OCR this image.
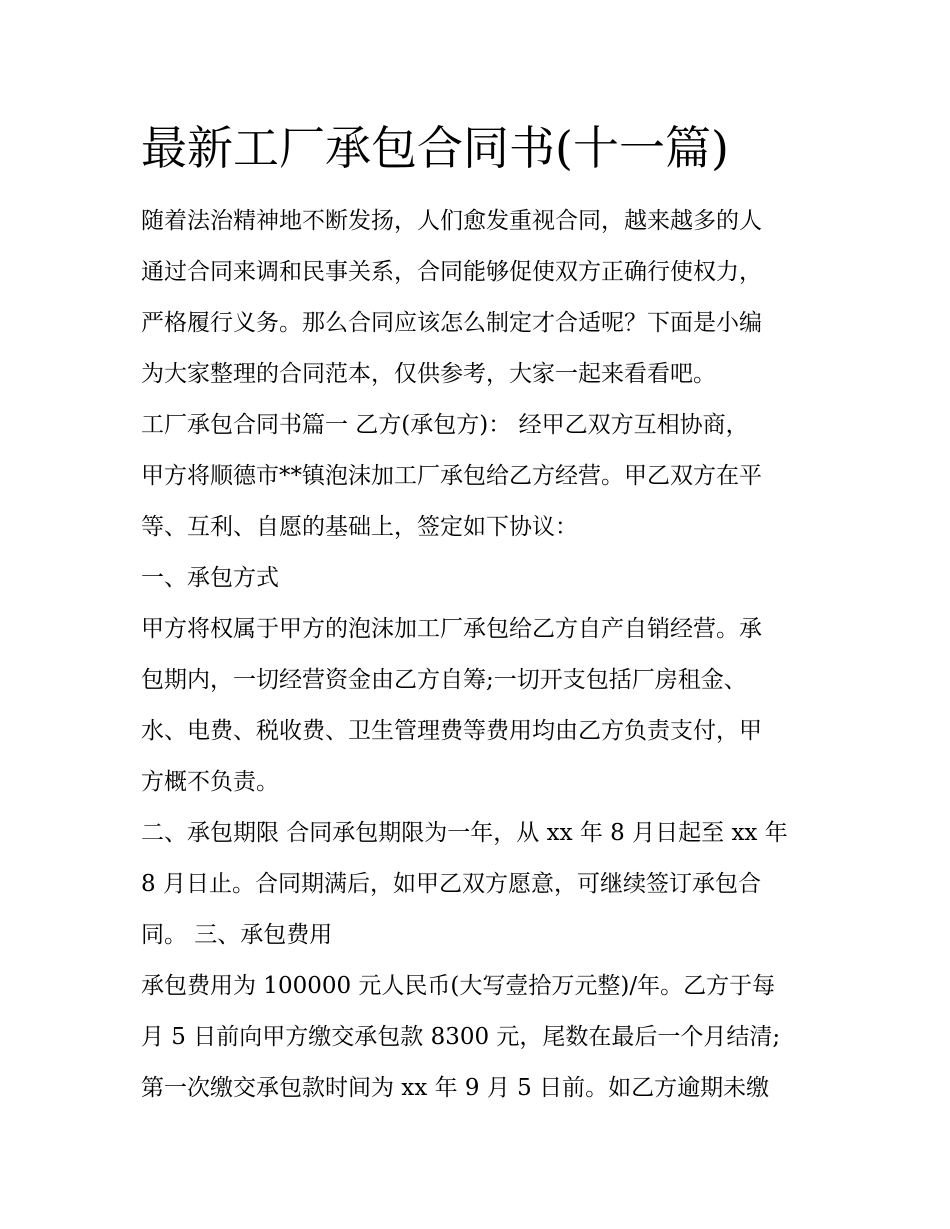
最新工厂承包合同书(十一篇)
随着法治精神地不断发扬，人们愈发重视合同，越来越多的人
通过合同来调和民事关系，合同能够促使双方正确行使权力，
严格履行义务。那么合同应该怎么制定才合适呢？下面是小编
为大家整理的合同范本，仅供参考，大家一起来看看吧。
工厂承包合同书篇一 乙方(承包方)： 经甲乙双方互相协商，
甲方将顺德市**镇泡沫加工厂承包给乙方经营。甲乙双方在平
等、互利、自愿的基础上，签定如下协议：
一、承包方式
甲方将权属于甲方的泡沫加工厂承包给乙方自产自销经营。承
包期内，一切经营资金由乙方自筹;一切开支包括厂房租金、
水、电费、税收费、卫生管理费等费用均由乙方负责支付，甲
方概不负责。
二、承包期限 合同承包期限为一年，从 xx 年 8 月日起至 xx 年
8 月日止。合同期满后，如甲乙双方愿意，可继续签订承包合
同。 三、承包费用
承包费用为 100000 元人民币(大写壹拾万元整)/年。乙方于每
月 5 日前向甲方缴交承包款 8300 元，尾数在最后一个月结清;
第一次缴交承包款时间为 xx 年 9 月 5 日前。如乙方逾期未缴
